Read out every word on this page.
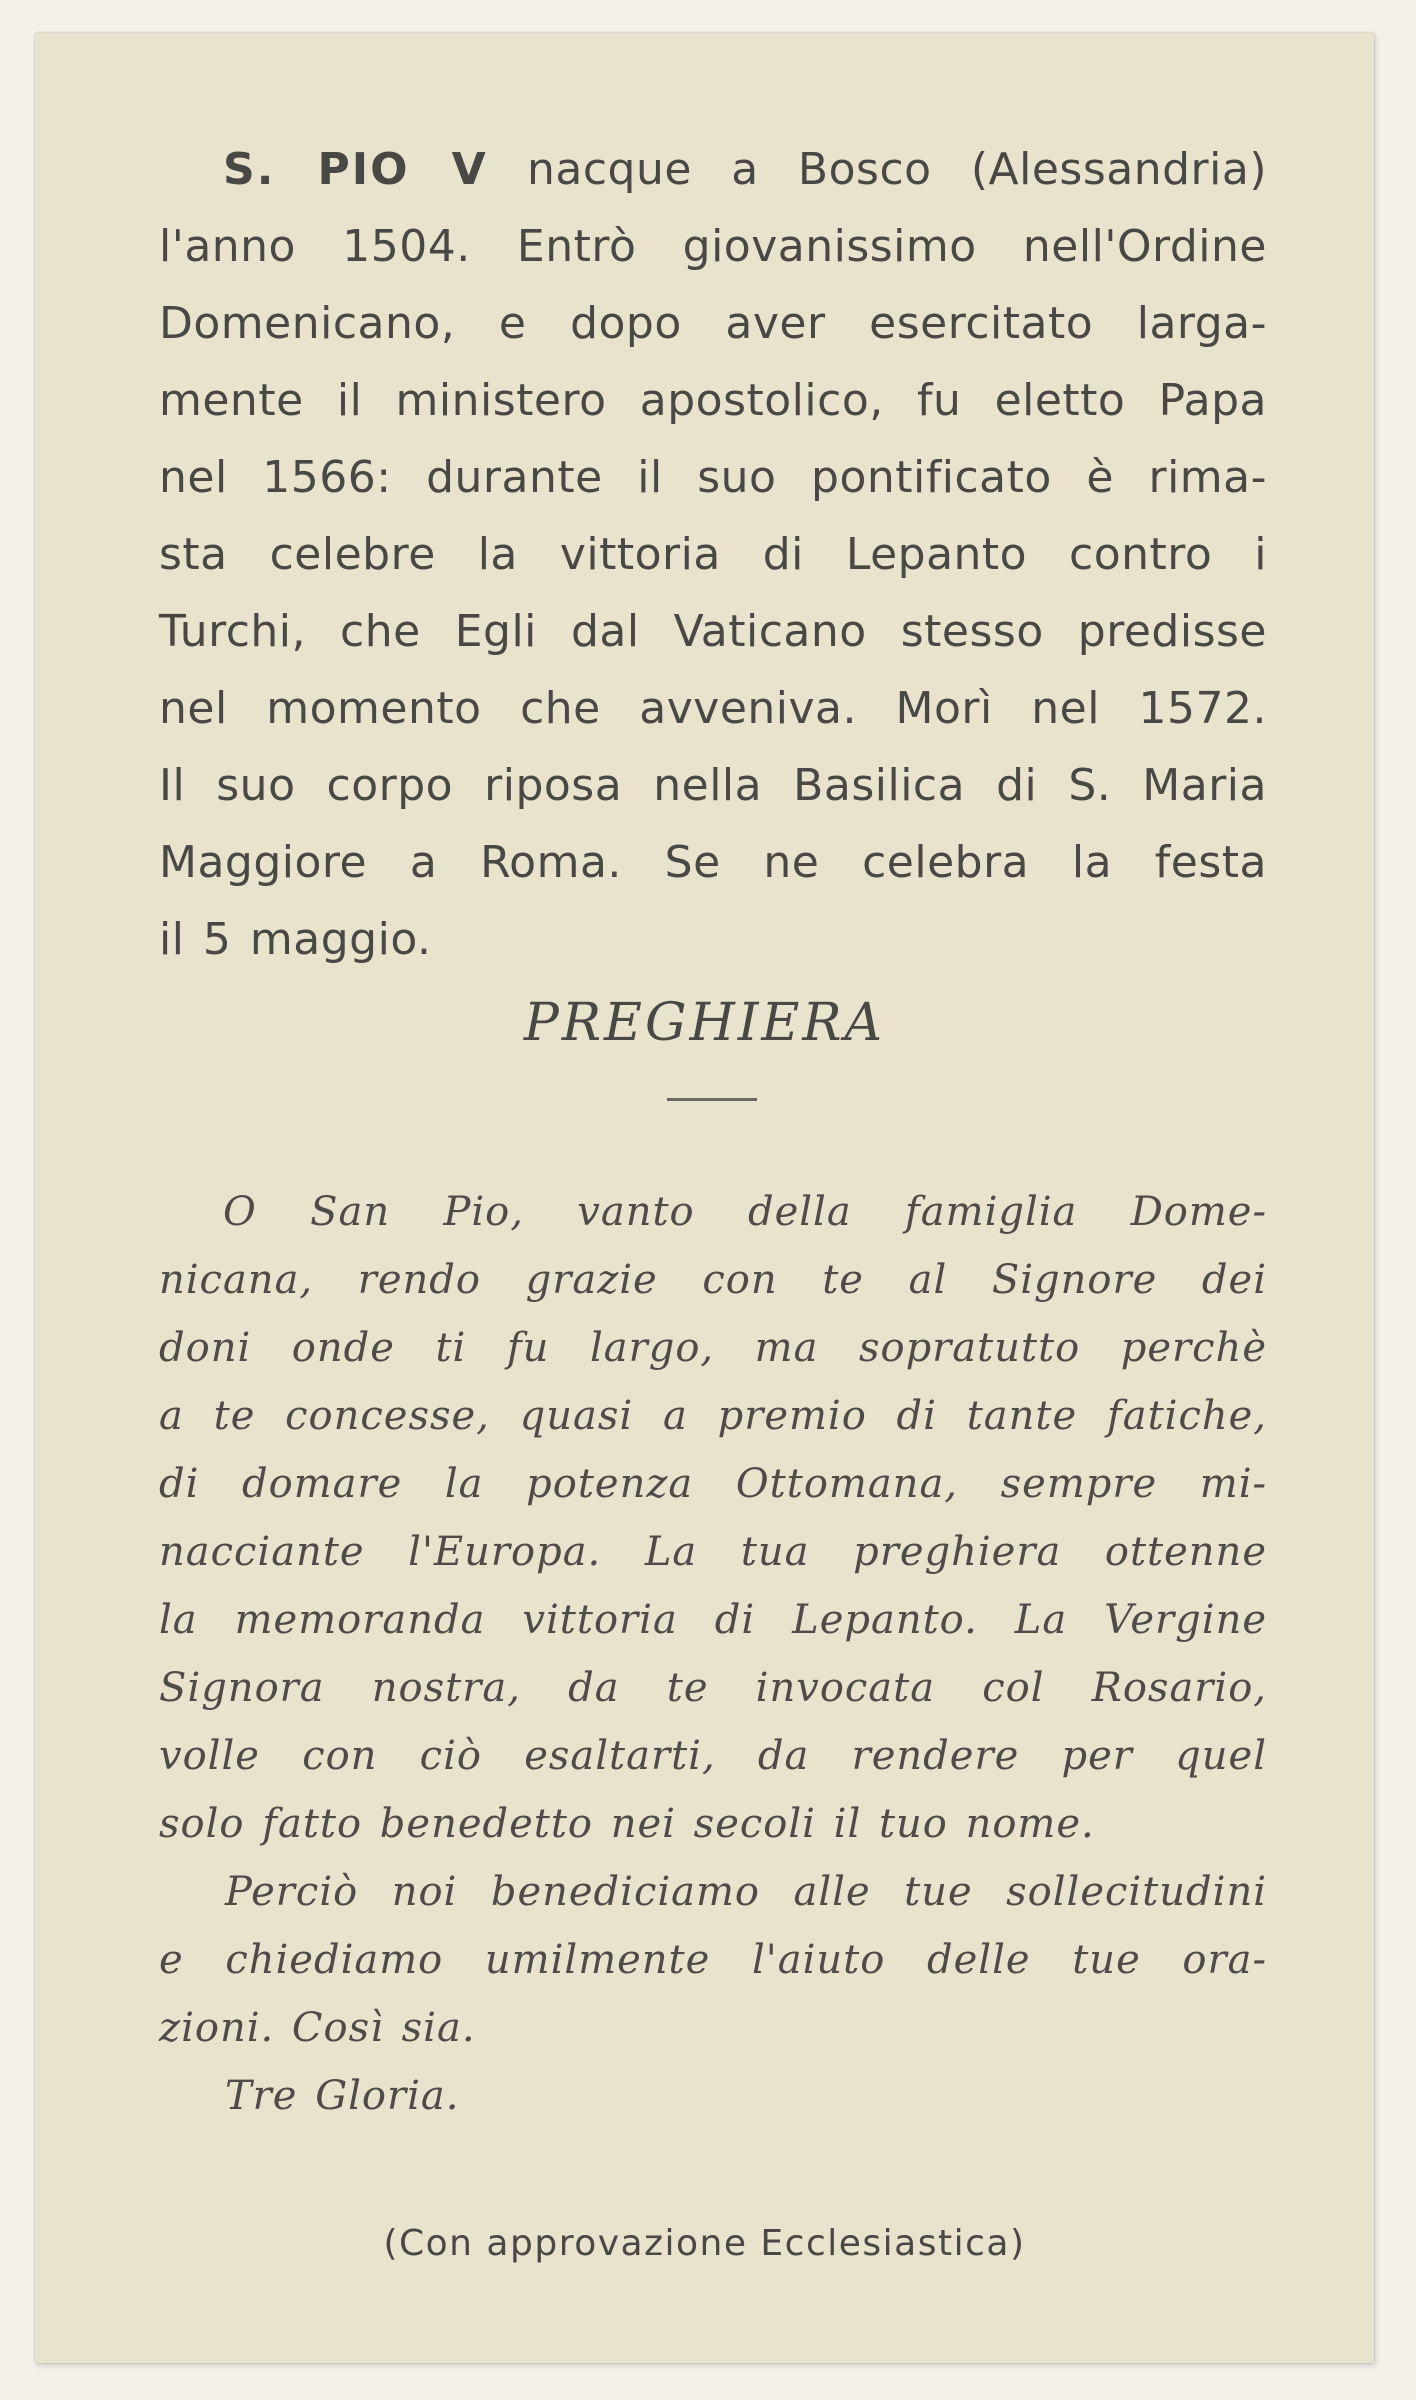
S. PIO V nacque a Bosco (Alessandria)
l'anno 1504. Entrò giovanissimo nell'Ordine
Domenicano, e dopo aver esercitato larga-
mente il ministero apostolico, fu eletto Papa
nel 1566: durante il suo pontificato è rima-
sta celebre la vittoria di Lepanto contro i
Turchi, che Egli dal Vaticano stesso predisse
nel momento che avveniva. Morì nel 1572.
Il suo corpo riposa nella Basilica di S. Maria
Maggiore a Roma. Se ne celebra la festa
il 5 maggio.
PREGHIERA
O San Pio, vanto della famiglia Dome-
nicana, rendo grazie con te al Signore dei
doni onde ti fu largo, ma sopratutto perchè
a te concesse, quasi a premio di tante fatiche,
di domare la potenza Ottomana, sempre mi-
nacciante l'Europa. La tua preghiera ottenne
la memoranda vittoria di Lepanto. La Vergine
Signora nostra, da te invocata col Rosario,
volle con ciò esaltarti, da rendere per quel
solo fatto benedetto nei secoli il tuo nome.
Perciò noi benediciamo alle tue sollecitudini
e chiediamo umilmente l'aiuto delle tue ora-
zioni. Così sia.
Tre Gloria.
(Con approvazione Ecclesiastica)
